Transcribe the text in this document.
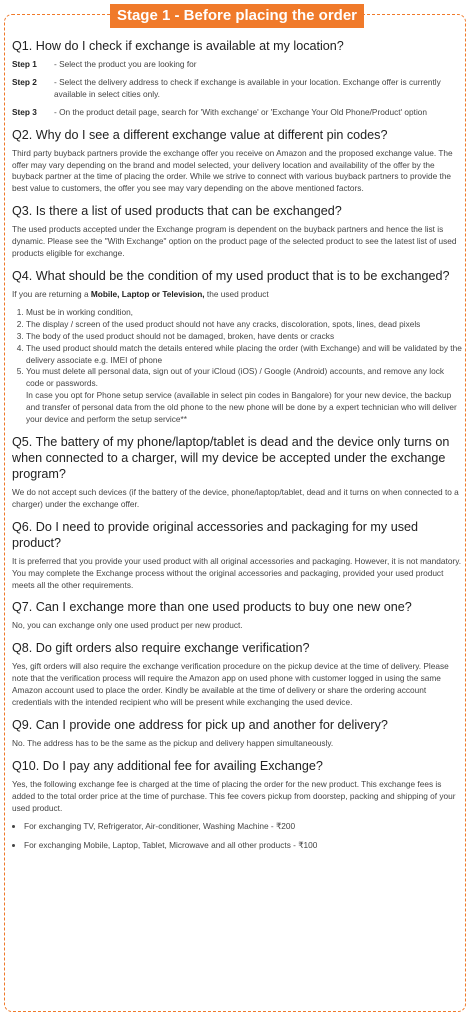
Stage 1 - Before placing the order
Q1. How do I check if exchange is available at my location?
Step 1	- Select the product you are looking for
Step 2	- Select the delivery address to check if exchange is available in your location. Exchange offer is currently available in select cities only.
Step 3	- On the product detail page, search for 'With exchange' or 'Exchange Your Old Phone/Product' option
Q2. Why do I see a different exchange value at different pin codes?

Third party buyback partners provide the exchange offer you receive on Amazon and the proposed exchange value. The offer may vary depending on the brand and model selected, your delivery location and availability of the offer by the buyback partner at the time of placing the order. While we strive to connect with various buyback partners to provide the best value to customers, the offer you see may vary depending on the above mentioned factors.

Q3. Is there a list of used products that can be exchanged?

The used products accepted under the Exchange program is dependent on the buyback partners and hence the list is dynamic. Please see the "With Exchange" option on the product page of the selected product to see the latest list of used products eligible for exchange.

Q4. What should be the condition of my used product that is to be exchanged?

If you are returning a Mobile, Laptop or Television, the used product

1. Must be in working condition,
2. The display / screen of the used product should not have any cracks, discoloration, spots, lines, dead pixels
3. The body of the used product should not be damaged, broken, have dents or cracks
4. The used product should match the details entered while placing the order (with Exchange) and will be validated by the delivery associate e.g. IMEI of phone
5. You must delete all personal data, sign out of your iCloud (iOS) / Google (Android) accounts, and remove any lock code or passwords.

In case you opt for Phone setup service (available in select pin codes in Bangalore) for your new device, the backup and transfer of personal data from the old phone to the new phone will be done by a expert technician who will deliver your device and perform the setup service**

Q5. The battery of my phone/laptop/tablet is dead and the device only turns on when connected to a charger, will my device be accepted under the exchange program?

We do not accept such devices (if the battery of the device, phone/laptop/tablet, dead and it turns on when connected to a charger) under the exchange offer.

Q6. Do I need to provide original accessories and packaging for my used product?

It is preferred that you provide your used product with all original accessories and packaging. However, it is not mandatory. You may complete the Exchange process without the original accessories and packaging, provided your used product meets all the other requirements.

Q7. Can I exchange more than one used products to buy one new one?

No, you can exchange only one used product per new product.

Q8. Do gift orders also require exchange verification?

Yes, gift orders will also require the exchange verification procedure on the pickup device at the time of delivery. Please note that the verification process will require the Amazon app on used phone with customer logged in using the same Amazon account used to place the order. Kindly be available at the time of delivery or share the ordering account credentials with the intended recipient who will be present while exchanging the used device.

Q9. Can I provide one address for pick up and another for delivery?

No. The address has to be the same as the pickup and delivery happen simultaneously.

Q10. Do I pay any additional fee for availing Exchange?

Yes, the following exchange fee is charged at the time of placing the order for the new product. This exchange fees is added to the total order price at the time of purchase. This fee covers pickup from doorstep, packing and shipping of your used product.

• For exchanging TV, Refrigerator, Air-conditioner, Washing Machine - ₹200
• For exchanging Mobile, Laptop, Tablet, Microwave and all other products - ₹100
